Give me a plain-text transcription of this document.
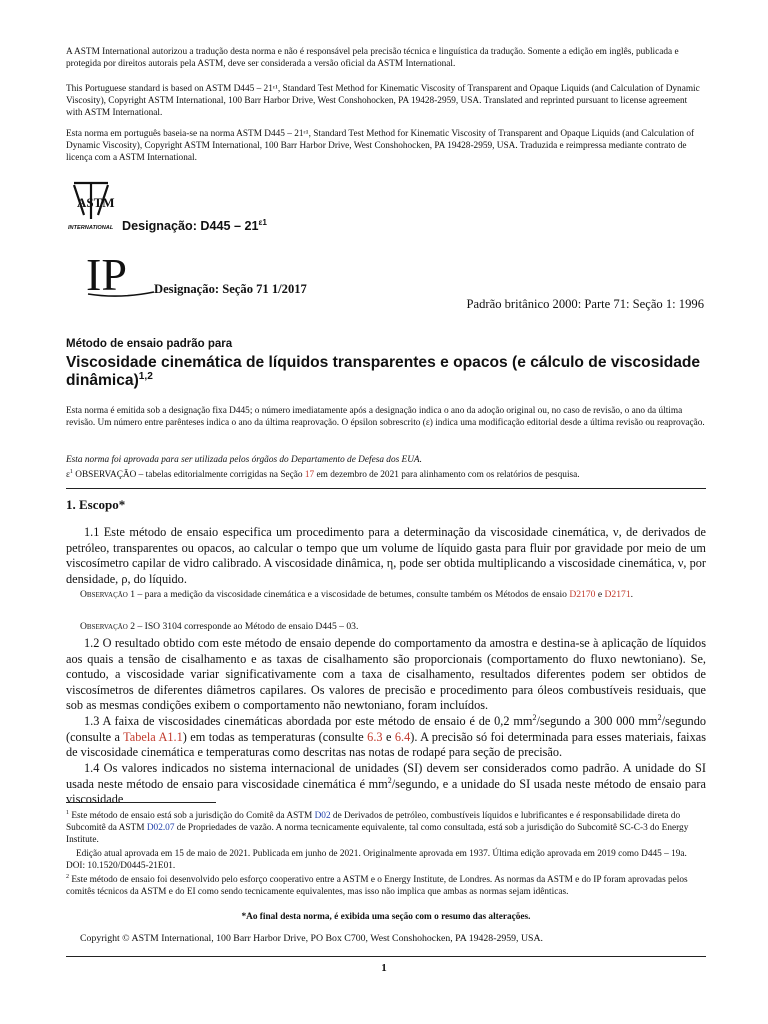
A ASTM International autorizou a tradução desta norma e não é responsável pela precisão técnica e linguística da tradução. Somente a edição em inglês, publicada e protegida por direitos autorais pela ASTM, deve ser considerada a versão oficial da ASTM International.

This Portuguese standard is based on ASTM D445 – 21ᵋ¹, Standard Test Method for Kinematic Viscosity of Transparent and Opaque Liquids (and Calculation of Dynamic Viscosity), Copyright ASTM International, 100 Barr Harbor Drive, West Conshohocken, PA 19428-2959, USA. Translated and reprinted pursuant to license agreement with ASTM International.

Esta norma em português baseia-se na norma ASTM D445 – 21ᵋ¹, Standard Test Method for Kinematic Viscosity of Transparent and Opaque Liquids (and Calculation of Dynamic Viscosity), Copyright ASTM International, 100 Barr Harbor Drive, West Conshohocken, PA 19428-2959, USA. Traduzida e reimpressa mediante contrato de licença com a ASTM International.

ASTM
INTERNATIONAL Designação: $D445 - 21^{\varepsilon 1}$
IP Designação: Seção 71 1/2017
Padrão britânico 2000: Parte 71: Seção 1: 1996
Método de ensaio padrão para
Viscosidade cinemática de líquidos transparentes e opacos (e cálculo de viscosidade dinâmica)$^{1,2}$

Esta norma é emitida sob a designação fixa D445; o número imediatamente após a designação indica o ano da adoção original ou, no caso de revisão, o ano da última revisão. Um número entre parênteses indica o ano da última reaprovação. O épsilon sobrescrito (ε) indica uma modificação editorial desde a última revisão ou reaprovação.

Esta norma foi aprovada para ser utilizada pelos órgãos do Departamento de Defesa dos EUA.

$\varepsilon^1$ OBSERVAÇÃO – tabelas editorialmente corrigidas na Seção 17 em dezembro de 2021 para alinhamento com os relatórios de pesquisa.

1. Escopo*

1.1 Este método de ensaio especifica um procedimento para a determinação da viscosidade cinemática, ν, de derivados de petróleo, transparentes ou opacos, ao calcular o tempo que um volume de líquido gasta para fluir por gravidade por meio de um viscosímetro capilar de vidro calibrado. A viscosidade dinâmica, η, pode ser obtida multiplicando a viscosidade cinemática, ν, por densidade, ρ, do líquido.

Observação 1 – para a medição da viscosidade cinemática e a viscosidade de betumes, consulte também os Métodos de ensaio D2170 e D2171.

Observação 2 – ISO 3104 corresponde ao Método de ensaio D445 – 03.

1.2 O resultado obtido com este método de ensaio depende do comportamento da amostra e destina-se à aplicação de líquidos aos quais a tensão de cisalhamento e as taxas de cisalhamento são proporcionais (comportamento do fluxo newtoniano). Se, contudo, a viscosidade variar significativamente com a taxa de cisalhamento, resultados diferentes podem ser obtidos de viscosímetros de diferentes diâmetros capilares. Os valores de precisão e procedimento para óleos combustíveis residuais, que sob as mesmas condições exibem o comportamento não newtoniano, foram incluídos.

1.3 A faixa de viscosidades cinemáticas abordada por este método de ensaio é de 0,2 $mm^2$/segundo a 300 000 $mm^2$/segundo (consulte a Tabela A1.1) em todas as temperaturas (consulte 6.3 e 6.4). A precisão só foi determinada para esses materiais, faixas de viscosidade cinemática e temperaturas como descritas nas notas de rodapé para seção de precisão.

1.4 Os valores indicados no sistema internacional de unidades (SI) devem ser considerados como padrão. A unidade do SI usada neste método de ensaio para viscosidade cinemática é $mm^2$/segundo, e a unidade do SI usada neste método de ensaio para viscosidade

$^1$ Este método de ensaio está sob a jurisdição do Comitê da ASTM D02 de Derivados de petróleo, combustíveis líquidos e lubrificantes e é responsabilidade direta do Subcomitê da ASTM D02.07 de Propriedades de vazão. A norma tecnicamente equivalente, tal como consultada, está sob a jurisdição do Subcomitê SC-C-3 do Energy Institute.

Edição atual aprovada em 15 de maio de 2021. Publicada em junho de 2021. Originalmente aprovada em 1937. Última edição aprovada em 2019 como D445 – 19a. DOI: 10.1520/D0445-21E01.

$^2$ Este método de ensaio foi desenvolvido pelo esforço cooperativo entre a ASTM e o Energy Institute, de Londres. As normas da ASTM e do IP foram aprovadas pelos comitês técnicos da ASTM e do EI como sendo tecnicamente equivalentes, mas isso não implica que ambas as normas sejam idênticas.

*Ao final desta norma, é exibida uma seção com o resumo das alterações.
Copyright © ASTM International, 100 Barr Harbor Drive, PO Box C700, West Conshohocken, PA 19428-2959, USA.
1
